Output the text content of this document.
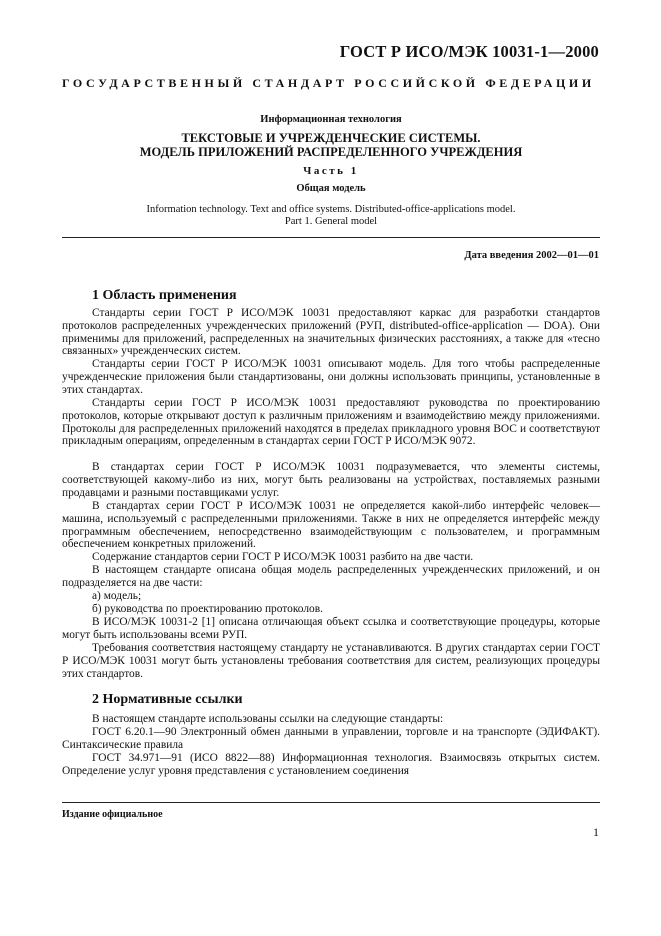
ГОСТ Р ИСО/МЭК 10031-1—2000
ГОСУДАРСТВЕННЫЙ СТАНДАРТ РОССИЙСКОЙ ФЕДЕРАЦИИ
Информационная технология
ТЕКСТОВЫЕ И УЧРЕЖДЕНЧЕСКИЕ СИСТЕМЫ.
МОДЕЛЬ ПРИЛОЖЕНИЙ РАСПРЕДЕЛЕННОГО УЧРЕЖДЕНИЯ
Часть 1
Общая модель
Information technology. Text and office systems. Distributed-office-applications model.
Part 1. General model
Дата введения 2002—01—01
1 Область применения

Стандарты серии ГОСТ Р ИСО/МЭК 10031 предоставляют каркас для разработки стандартов протоколов распределенных учрежденческих приложений (РУП, distributed-office-application — DOA). Они применимы для приложений, распределенных на значительных физических расстояниях, а также для «тесно связанных» учрежденческих систем.

Стандарты серии ГОСТ Р ИСО/МЭК 10031 описывают модель. Для того чтобы распределенные учрежденческие приложения были стандартизованы, они должны использовать принципы, установленные в этих стандартах.

Стандарты серии ГОСТ Р ИСО/МЭК 10031 предоставляют руководства по проектированию протоколов, которые открывают доступ к различным приложениям и взаимодействию между приложениями. Протоколы для распределенных приложений находятся в пределах прикладного уровня ВОС и соответствуют прикладным операциям, определенным в стандартах серии ГОСТ Р ИСО/МЭК 9072.

В стандартах серии ГОСТ Р ИСО/МЭК 10031 подразумевается, что элементы системы, соответствующей какому-либо из них, могут быть реализованы на устройствах, поставляемых разными продавцами и разными поставщиками услуг.

В стандартах серии ГОСТ Р ИСО/МЭК 10031 не определяется какой-либо интерфейс человек—машина, используемый с распределенными приложениями. Также в них не определяется интерфейс между программным обеспечением, непосредственно взаимодействующим с пользователем, и программным обеспечением конкретных приложений.

Содержание стандартов серии ГОСТ Р ИСО/МЭК 10031 разбито на две части.

В настоящем стандарте описана общая модель распределенных учрежденческих приложений, и он подразделяется на две части:

а) модель;
б) руководства по проектированию протоколов.

В ИСО/МЭК 10031-2 [1] описана отличающая объект ссылка и соответствующие процедуры, которые могут быть использованы всеми РУП.

Требования соответствия настоящему стандарту не устанавливаются. В других стандартах серии ГОСТ Р ИСО/МЭК 10031 могут быть установлены требования соответствия для систем, реализующих процедуры этих стандартов.

2 Нормативные ссылки

В настоящем стандарте использованы ссылки на следующие стандарты:

ГОСТ 6.20.1—90 Электронный обмен данными в управлении, торговле и на транспорте (ЭДИФАКТ). Синтаксические правила

ГОСТ 34.971—91 (ИСО 8822—88) Информационная технология. Взаимосвязь открытых систем. Определение услуг уровня представления с установлением соединения

Издание официальное
1
